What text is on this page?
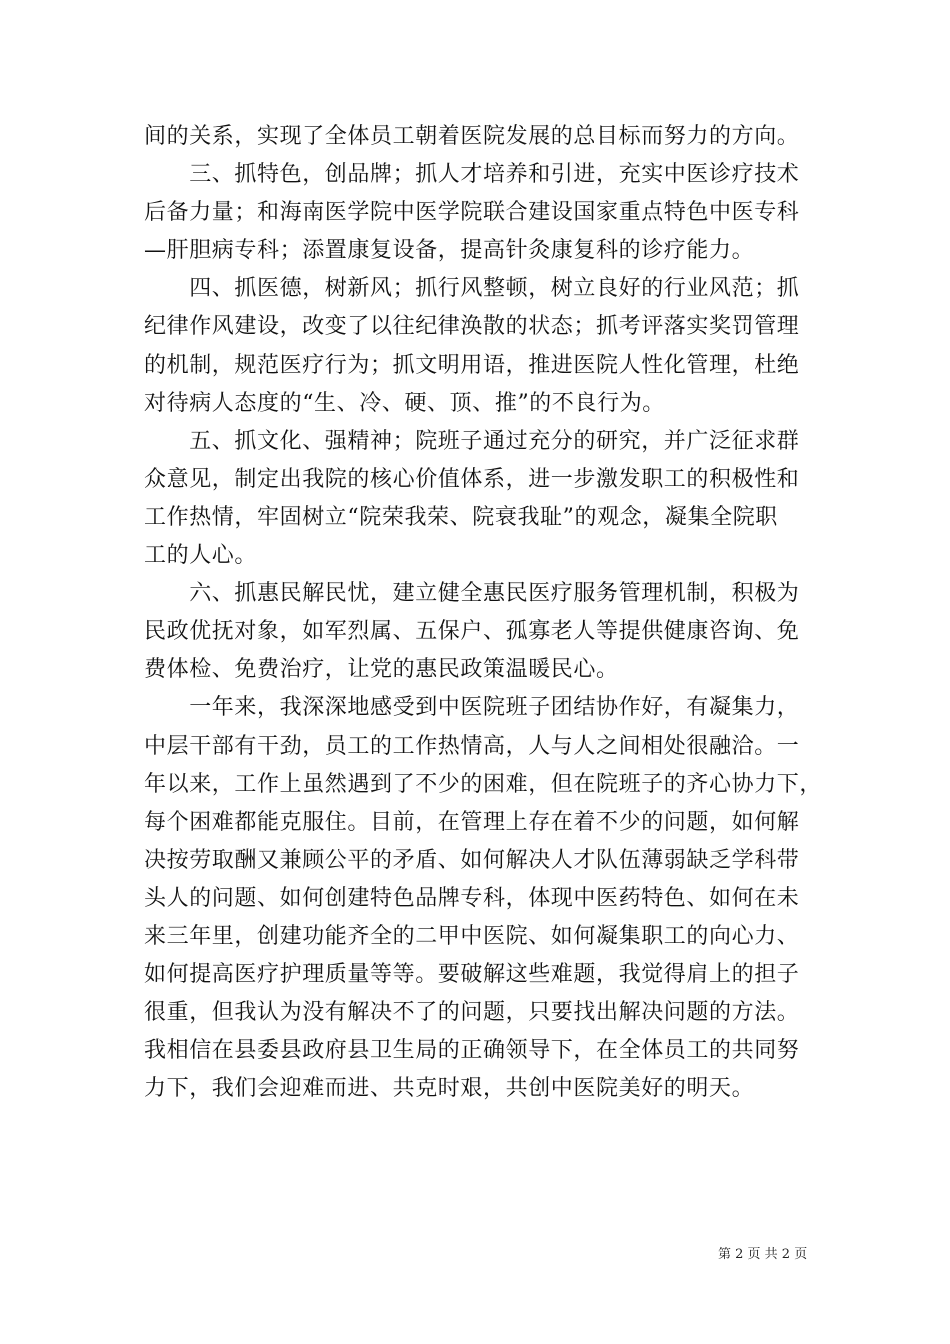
间的关系，实现了全体员工朝着医院发展的总目标而努力的方向。
　　三、抓特色，创品牌；抓人才培养和引进，充实中医诊疗技术
后备力量；和海南医学院中医学院联合建设国家重点特色中医专科
—肝胆病专科；添置康复设备，提高针灸康复科的诊疗能力。
　　四、抓医德，树新风；抓行风整顿，树立良好的行业风范；抓
纪律作风建设，改变了以往纪律涣散的状态；抓考评落实奖罚管理
的机制，规范医疗行为；抓文明用语，推进医院人性化管理，杜绝
对待病人态度的“生、冷、硬、顶、推”的不良行为。
　　五、抓文化、强精神；院班子通过充分的研究，并广泛征求群
众意见，制定出我院的核心价值体系，进一步激发职工的积极性和
工作热情，牢固树立“院荣我荣、院衰我耻”的观念，凝集全院职
工的人心。
　　六、抓惠民解民忧，建立健全惠民医疗服务管理机制，积极为
民政优抚对象，如军烈属、五保户、孤寡老人等提供健康咨询、免
费体检、免费治疗，让党的惠民政策温暖民心。
　　一年来，我深深地感受到中医院班子团结协作好，有凝集力，
中层干部有干劲，员工的工作热情高，人与人之间相处很融洽。一
年以来，工作上虽然遇到了不少的困难，但在院班子的齐心协力下，
每个困难都能克服住。目前，在管理上存在着不少的问题，如何解
决按劳取酬又兼顾公平的矛盾、如何解决人才队伍薄弱缺乏学科带
头人的问题、如何创建特色品牌专科，体现中医药特色、如何在未
来三年里，创建功能齐全的二甲中医院、如何凝集职工的向心力、
如何提高医疗护理质量等等。要破解这些难题，我觉得肩上的担子
很重，但我认为没有解决不了的问题，只要找出解决问题的方法。
我相信在县委县政府县卫生局的正确领导下，在全体员工的共同努
力下，我们会迎难而进、共克时艰，共创中医院美好的明天。
第 2 页 共 2 页
